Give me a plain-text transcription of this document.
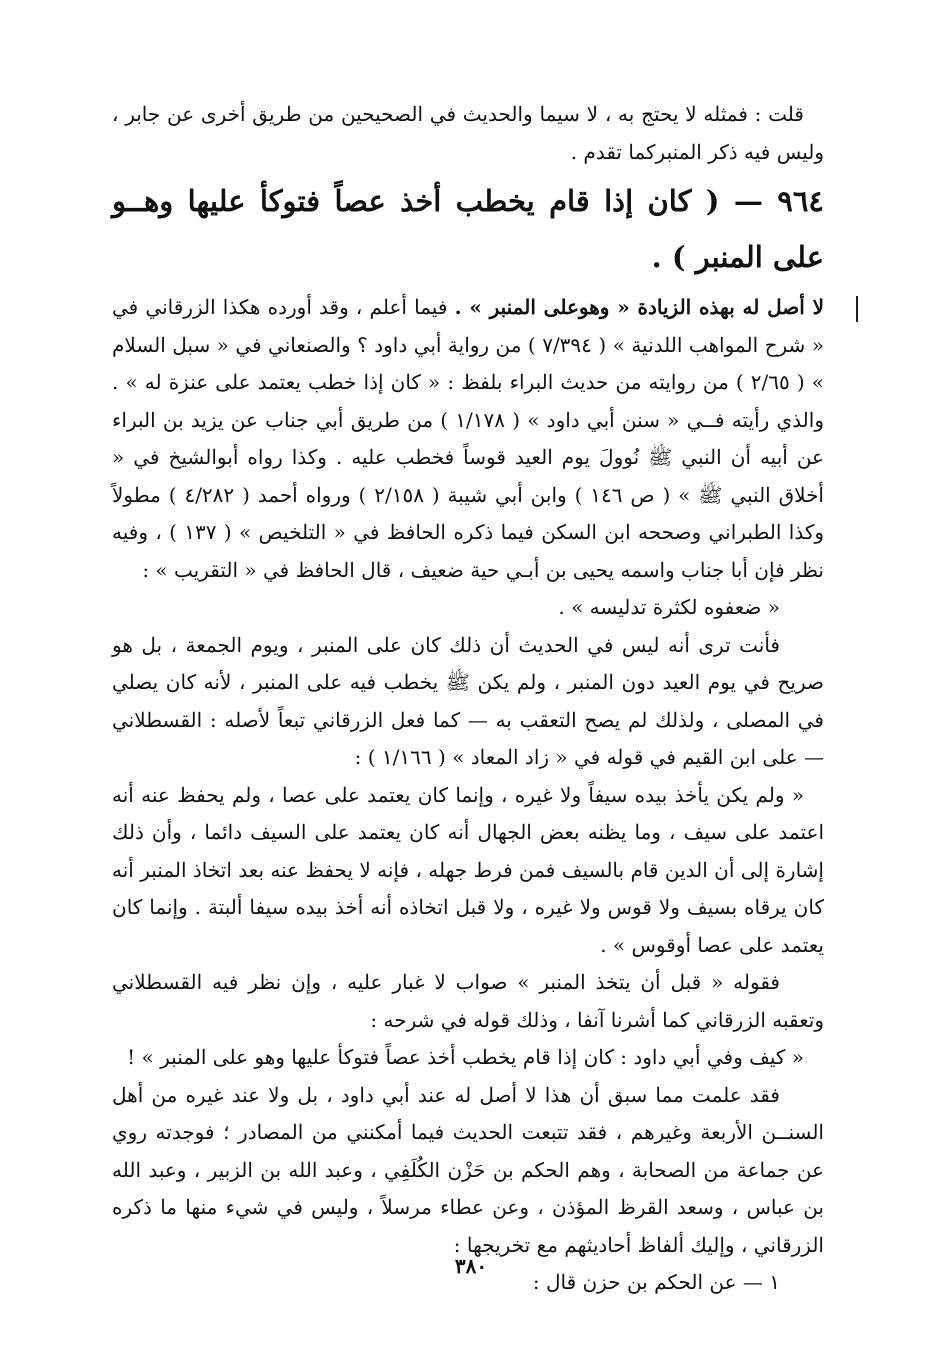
قلت : فمثله لا يحتج به ، لا سيما والحديث في الصحيحين من طريق أخرى عن جابر ، وليس فيه ذكر المنبركما تقدم .

٩٦٤ — ( كان إذا قام يخطب أخذ عصاً فتوكأ عليها وهــو على المنبر ) .

لا أصل له بهذه الزيادة « وهوعلى المنبر » . فيما أعلم ، وقد أورده هكذا الزرقاني في « شرح المواهب اللدنية » ( ٧/٣٩٤ ) من رواية أبي داود ؟ والصنعاني في « سبل السلام » ( ٢/٦٥ ) من روايته من حديث البراء بلفظ : « كان إذا خطب يعتمد على عنزة له » . والذي رأيته فــي « سنن أبي داود » ( ١/١٧٨ ) من طريق أبي جناب عن يزيد بن البراء عن أبيه أن النبي ﷺ نُوولَ يوم العيد قوساً فخطب عليه . وكذا رواه أبوالشيخ في « أخلاق النبي ﷺ » ( ص ١٤٦ ) وابن أبي شيبة ( ٢/١٥٨ ) ورواه أحمد ( ٤/٢٨٢ ) مطولاً وكذا الطبراني وصححه ابن السكن فيما ذكره الحافظ في « التلخيص » ( ١٣٧ ) ، وفيه نظر فإن أبا جناب واسمه يحيى بن أبـي حية ضعيف ، قال الحافظ في « التقريب » :

« ضعفوه لكثرة تدليسه » .

فأنت ترى أنه ليس في الحديث أن ذلك كان على المنبر ، ويوم الجمعة ، بل هو صريح في يوم العيد دون المنبر ، ولم يكن ﷺ يخطب فيه على المنبر ، لأنه كان يصلي في المصلى ، ولذلك لم يصح التعقب به — كما فعل الزرقاني تبعاً لأصله : القسطلاني — على ابن القيم في قوله في « زاد المعاد » ( ١/١٦٦ ) :

« ولم يكن يأخذ بيده سيفاً ولا غيره ، وإنما كان يعتمد على عصا ، ولم يحفظ عنه أنه اعتمد على سيف ، وما يظنه بعض الجهال أنه كان يعتمد على السيف دائما ، وأن ذلك إشارة إلى أن الدين قام بالسيف فمن فرط جهله ، فإنه لا يحفظ عنه بعد اتخاذ المنبر أنه كان يرقاه بسيف ولا قوس ولا غيره ، ولا قبل اتخاذه أنه أخذ بيده سيفا ألبتة . وإنما كان يعتمد على عصا أوقوس » .

فقوله « قبل أن يتخذ المنبر » صواب لا غبار عليه ، وإن نظر فيه القسطلاني وتعقبه الزرقاني كما أشرنا آنفا ، وذلك قوله في شرحه :

« كيف وفي أبي داود : كان إذا قام يخطب أخذ عصاً فتوكأ عليها وهو على المنبر » !

فقد علمت مما سبق أن هذا لا أصل له عند أبي داود ، بل ولا عند غيره من أهل السنــن الأربعة وغيرهم ، فقد تتبعت الحديث فيما أمكنني من المصادر ؛ فوجدته روي عن جماعة من الصحابة ، وهم الحكم بن حَزْن الكُلَفِي ، وعبد الله بن الزبير ، وعبد الله بن عباس ، وسعد القرظ المؤذن ، وعن عطاء مرسلاً ، وليس في شيء منها ما ذكره الزرقاني ، وإليك ألفاظ أحاديثهم مع تخريجها :

١ — عن الحكم بن حزن قال :

٣٨٠
